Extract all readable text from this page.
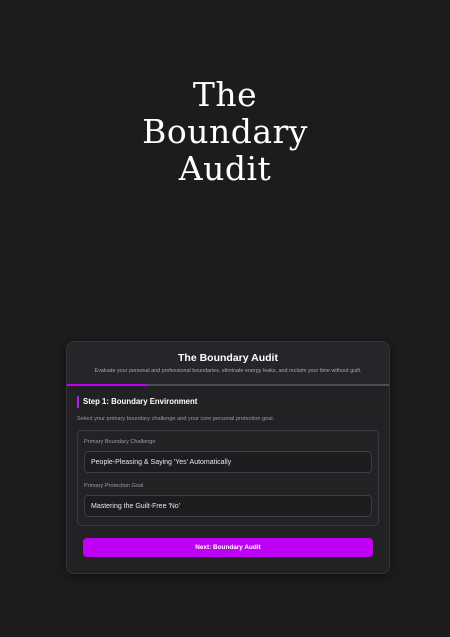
The
Boundary
Audit
The Boundary Audit
Evaluate your personal and professional boundaries, eliminate energy leaks, and reclaim your time without guilt.
Step 1: Boundary Environment
Select your primary boundary challenge and your core personal protection goal.
Primary Boundary Challenge
People-Pleasing & Saying 'Yes' Automatically
Primary Protection Goal
Mastering the Guilt-Free 'No'
Next: Boundary Audit
